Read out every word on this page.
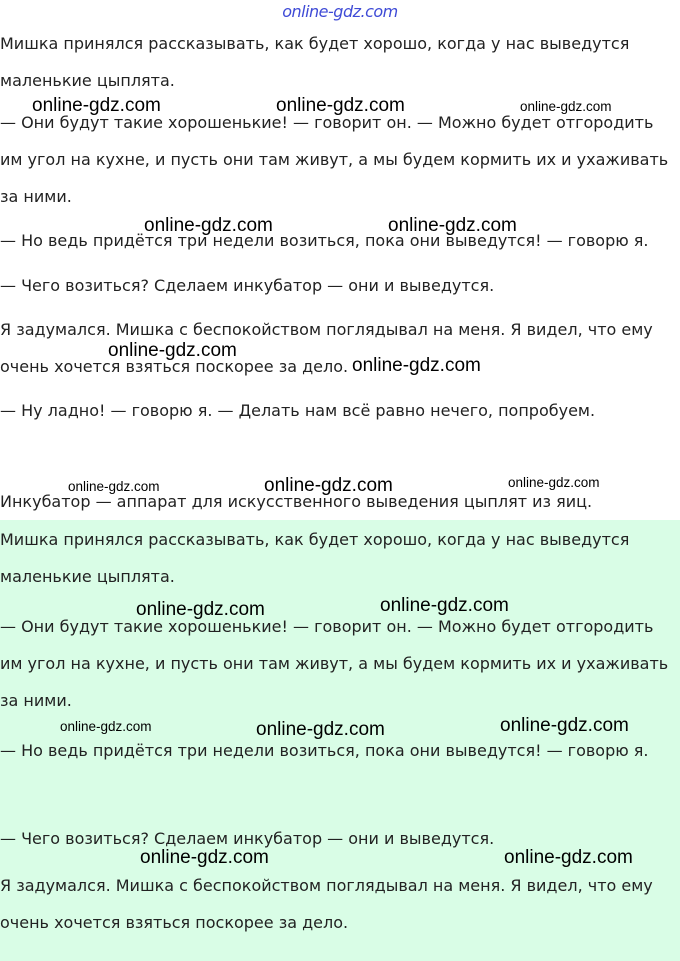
online-gdz.com

Мишка принялся рассказывать, как будет хорошо, когда у нас выведутся маленькие цыплята.

— Они будут такие хорошенькие! — говорит он. — Можно будет отгородить им угол на кухне, и пусть они там живут, а мы будем кормить их и ухаживать за ними.

— Но ведь придётся три недели возиться, пока они выведутся! — говорю я.

— Чего возиться? Сделаем инкубатор — они и выведутся.

Я задумался. Мишка с беспокойством поглядывал на меня. Я видел, что ему очень хочется взяться поскорее за дело.

— Ну ладно! — говорю я. — Делать нам всё равно нечего, попробуем.

Инкубатор — аппарат для искусственного выведения цыплят из яиц.

Мишка принялся рассказывать, как будет хорошо, когда у нас выведутся маленькие цыплята.

— Они будут такие хорошенькие! — говорит он. — Можно будет отгородить им угол на кухне, и пусть они там живут, а мы будем кормить их и ухаживать за ними.

— Но ведь придётся три недели возиться, пока они выведутся! — говорю я.

— Чего возиться? Сделаем инкубатор — они и выведутся.

Я задумался. Мишка с беспокойством поглядывал на меня. Я видел, что ему очень хочется взяться поскорее за дело.

online-gdz.com	online-gdz.com	online-gdz.com
online-gdz.com	online-gdz.com
online-gdz.com
online-gdz.com
online-gdz.com	online-gdz.com	online-gdz.com
online-gdz.com	online-gdz.com
online-gdz.com	online-gdz.com	online-gdz.com
online-gdz.com	online-gdz.com
